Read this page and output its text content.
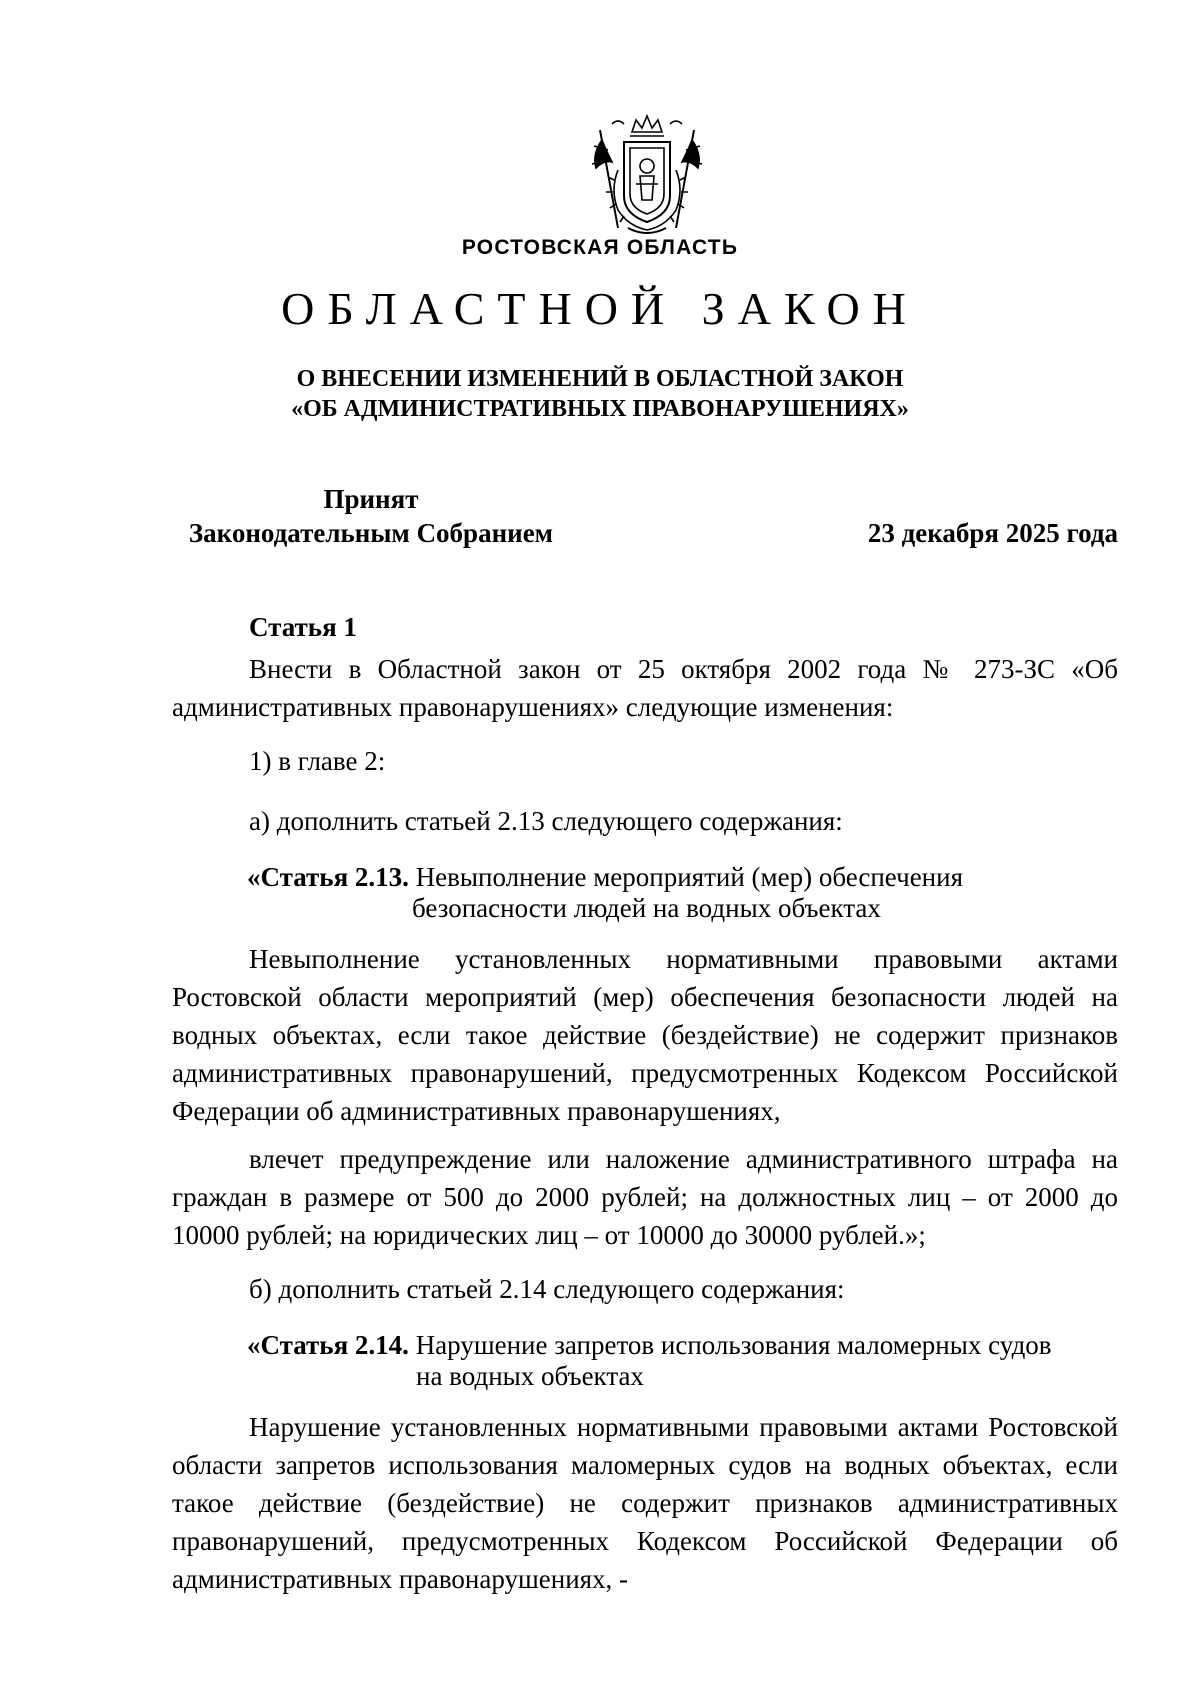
РОСТОВСКАЯ ОБЛАСТЬ
ОБЛАСТНОЙ ЗАКОН
О ВНЕСЕНИИ ИЗМЕНЕНИЙ В ОБЛАСТНОЙ ЗАКОН
«ОБ АДМИНИСТРАТИВНЫХ ПРАВОНАРУШЕНИЯХ»
Принят
Законодательным Собранием	23 декабря 2025 года
Статья 1
Внести в Областной закон от 25 октября 2002 года № 273-ЗС «Об административных правонарушениях» следующие изменения:
1) в главе 2:
а) дополнить статьей 2.13 следующего содержания:
«Статья 2.13. Невыполнение мероприятий (мер) обеспечения
безопасности людей на водных объектах
Невыполнение установленных нормативными правовыми актами Ростовской области мероприятий (мер) обеспечения безопасности людей на водных объектах, если такое действие (бездействие) не содержит признаков административных правонарушений, предусмотренных Кодексом Российской Федерации об административных правонарушениях,
влечет предупреждение или наложение административного штрафа на граждан в размере от 500 до 2000 рублей; на должностных лиц – от 2000 до 10000 рублей; на юридических лиц – от 10000 до 30000 рублей.»;
б) дополнить статьей 2.14 следующего содержания:
«Статья 2.14. Нарушение запретов использования маломерных судов
на водных объектах
Нарушение установленных нормативными правовыми актами Ростовской области запретов использования маломерных судов на водных объектах, если такое действие (бездействие) не содержит признаков административных правонарушений, предусмотренных Кодексом Российской Федерации об административных правонарушениях, -
